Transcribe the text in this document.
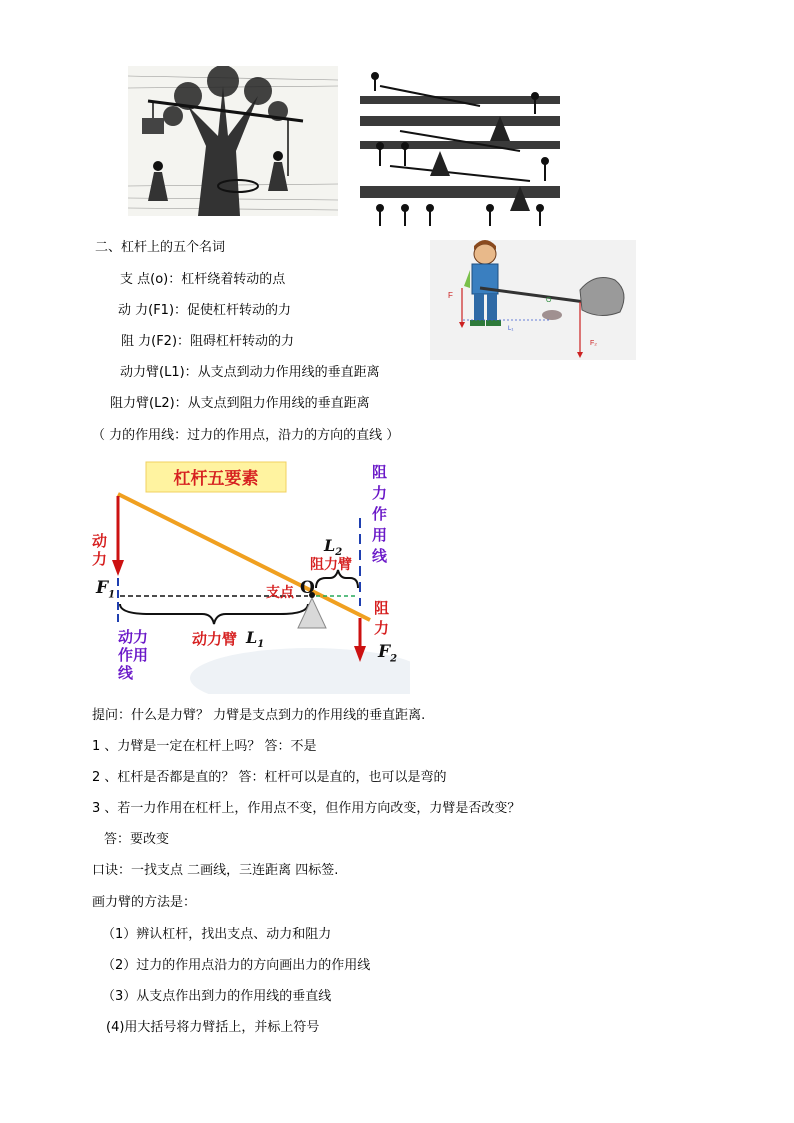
二、杠杆上的五个名词
支 点(o)：杠杆绕着转动的点
动 力(F1)：促使杠杆转动的力
阻 力(F2)：阻碍杠杆转动的力
动力臂(L1)：从支点到动力作用线的垂直距离
阻力臂(L2)：从支点到阻力作用线的垂直距离
（ 力的作用线：过力的作用点，沿力的方向的直线 ）
F
F₂
O
L₁
杠杆五要素
动力
$F_1$
动力作用线
动力臂 $L_1$
支点 O
$L_2$
阻力臂
阻力作用线
阻力
$F_2$
提问：什么是力臂？ 力臂是支点到力的作用线的垂直距离.
1 、力臂是一定在杠杆上吗？ 答：不是
2 、杠杆是否都是直的？ 答：杠杆可以是直的，也可以是弯的
3 、若一力作用在杠杆上，作用点不变，但作用方向改变，力臂是否改变？
答：要改变
口诀：一找支点 二画线，三连距离 四标签.
画力臂的方法是：
（1）辨认杠杆，找出支点、动力和阻力
（2）过力的作用点沿力的方向画出力的作用线
（3）从支点作出到力的作用线的垂直线
(4)用大括号将力臂括上，并标上符号
